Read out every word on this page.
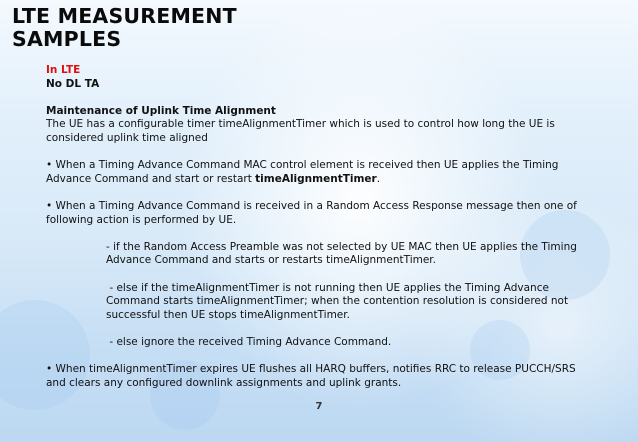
LTE MEASUREMENT
SAMPLES

In LTE

No DL TA

Maintenance of Uplink Time Alignment

The UE has a configurable timer timeAlignmentTimer which is used to control how long the UE is

considered uplink time aligned

• When a Timing Advance Command MAC control element is received then UE applies the Timing

Advance Command and start or restart timeAlignmentTimer.

• When a Timing Advance Command is received in a Random Access Response message then one of

following action is performed by UE.

- if the Random Access Preamble was not selected by UE MAC then UE applies the Timing

Advance Command and starts or restarts timeAlignmentTimer.

- else if the timeAlignmentTimer is not running then UE applies the Timing Advance

Command starts timeAlignmentTimer; when the contention resolution is considered not

successful then UE stops timeAlignmentTimer.

- else ignore the received Timing Advance Command.

• When timeAlignmentTimer expires UE flushes all HARQ buffers, notifies RRC to release PUCCH/SRS

and clears any configured downlink assignments and uplink grants.

7
